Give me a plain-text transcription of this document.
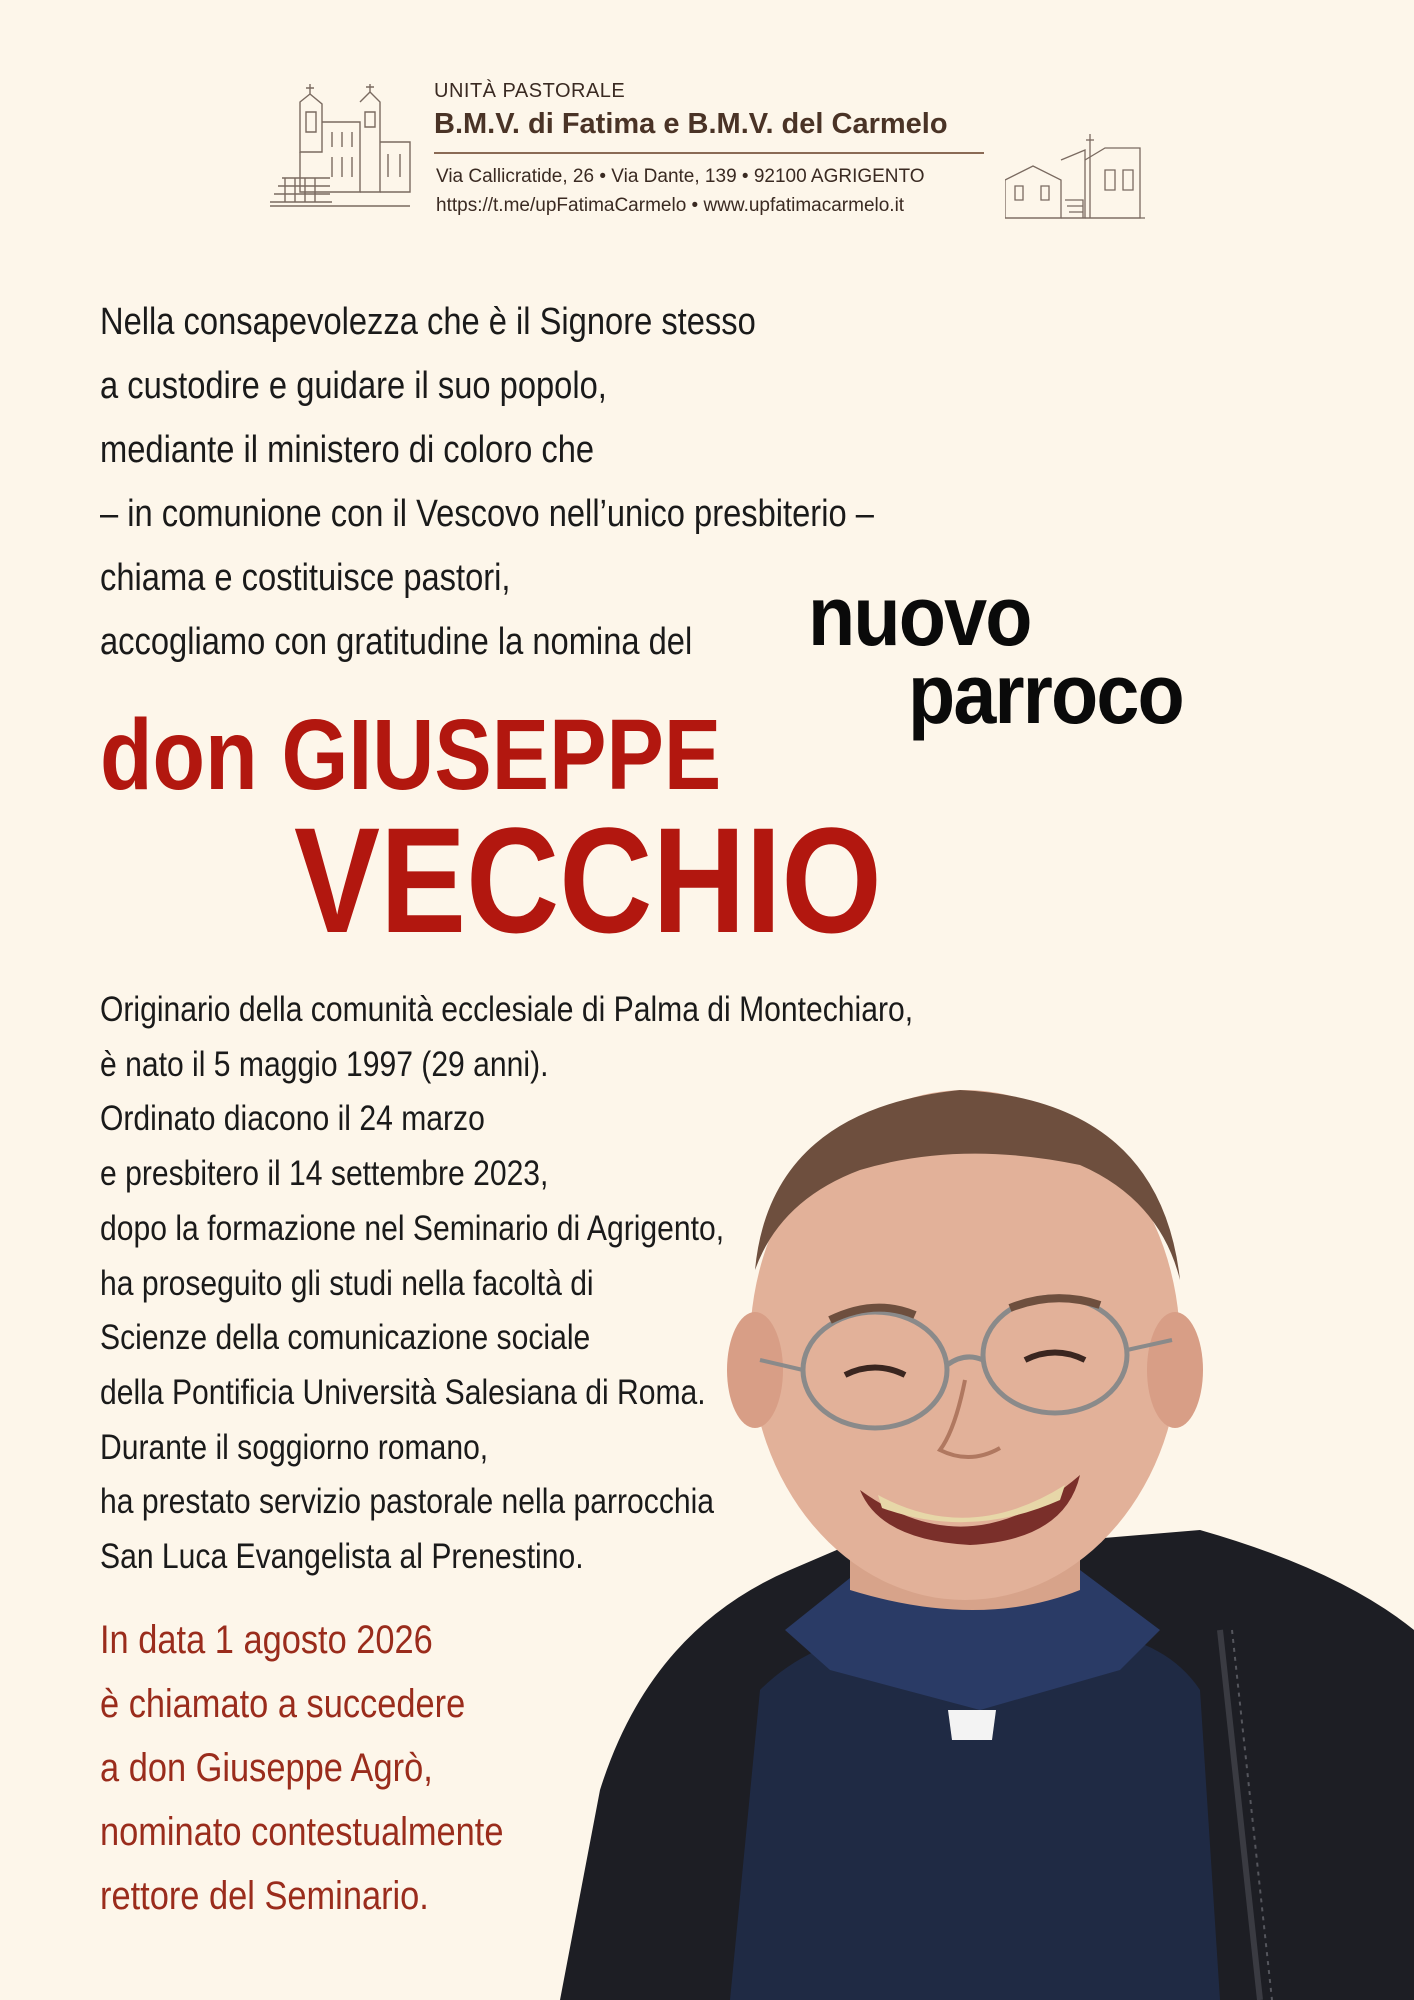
UNITÀ PASTORALE
B.M.V. di Fatima e B.M.V. del Carmelo
Via Callicratide, 26 • Via Dante, 139 • 92100 AGRIGENTO
https://t.me/upFatimaCarmelo • www.upfatimacarmelo.it
Nella consapevolezza che è il Signore stesso
a custodire e guidare il suo popolo,
mediante il ministero di coloro che
– in comunione con il Vescovo nell’unico presbiterio –
chiama e costituisce pastori,
accogliamo con gratitudine la nomina del	nuovo
parroco
don GIUSEPPE
VECCHIO
Originario della comunità ecclesiale di Palma di Montechiaro,
è nato il 5 maggio 1997 (29 anni).
Ordinato diacono il 24 marzo
e presbitero il 14 settembre 2023,
dopo la formazione nel Seminario di Agrigento,
ha proseguito gli studi nella facoltà di
Scienze della comunicazione sociale
della Pontificia Università Salesiana di Roma.
Durante il soggiorno romano,
ha prestato servizio pastorale nella parrocchia
San Luca Evangelista al Prenestino.
In data 1 agosto 2026
è chiamato a succedere
a don Giuseppe Agrò,
nominato contestualmente
rettore del Seminario.
